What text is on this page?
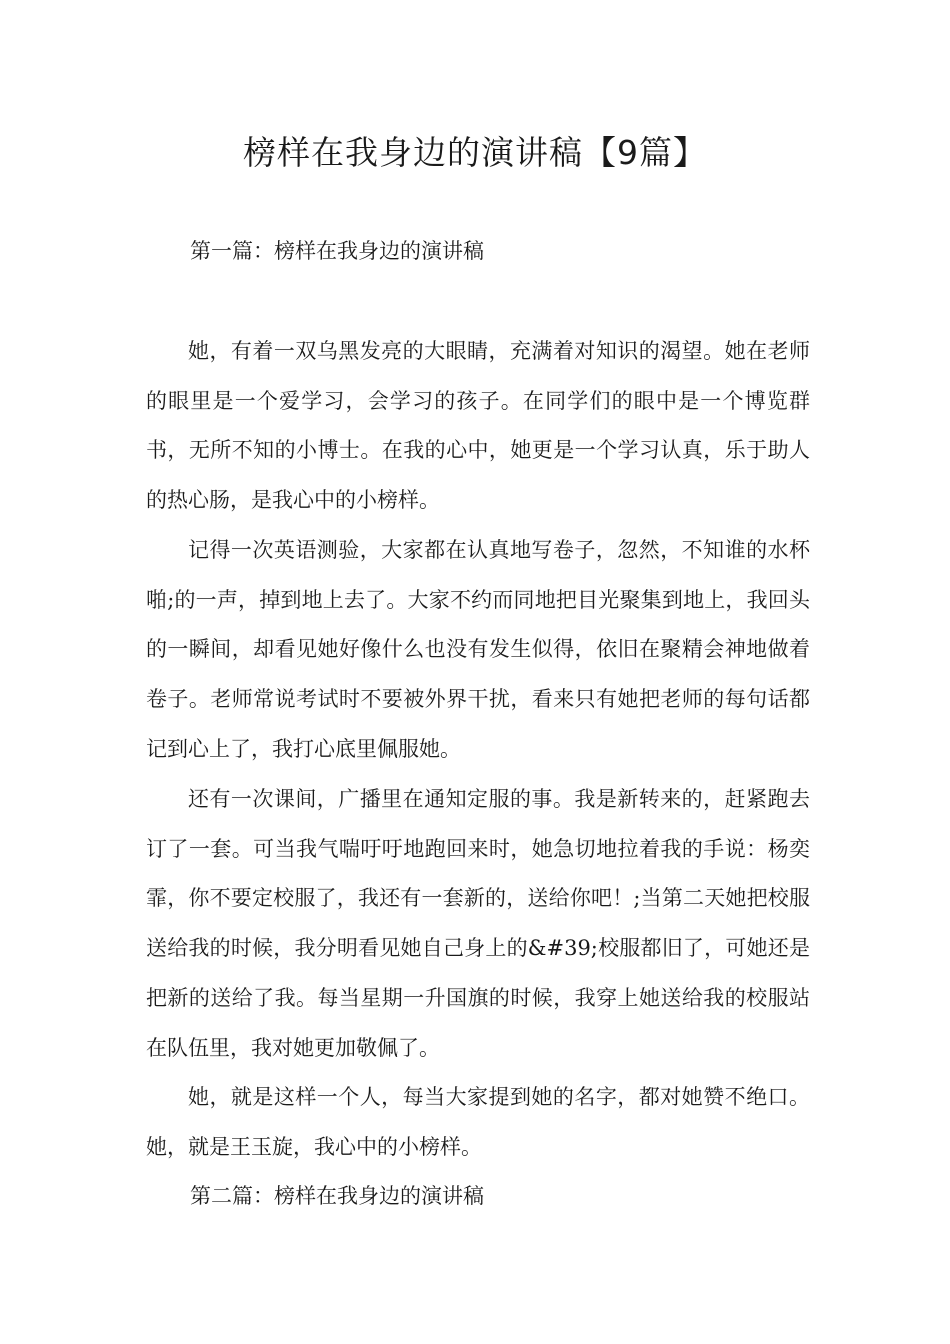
榜样在我身边的演讲稿【9篇】
第一篇：榜样在我身边的演讲稿

她，有着一双乌黑发亮的大眼睛，充满着对知识的渴望。她在老师的眼里是一个爱学习，会学习的孩子。在同学们的眼中是一个博览群书，无所不知的小博士。在我的心中，她更是一个学习认真，乐于助人的热心肠，是我心中的小榜样。

记得一次英语测验，大家都在认真地写卷子，忽然，不知谁的水杯啪;的一声，掉到地上去了。大家不约而同地把目光聚集到地上，我回头的一瞬间，却看见她好像什么也没有发生似得，依旧在聚精会神地做着卷子。老师常说考试时不要被外界干扰，看来只有她把老师的每句话都记到心上了，我打心底里佩服她。

还有一次课间，广播里在通知定服的事。我是新转来的，赶紧跑去订了一套。可当我气喘吁吁地跑回来时，她急切地拉着我的手说：杨奕霏，你不要定校服了，我还有一套新的，送给你吧！;当第二天她把校服送给我的时候，我分明看见她自己身上的&#39;校服都旧了，可她还是把新的送给了我。每当星期一升国旗的时候，我穿上她送给我的校服站在队伍里，我对她更加敬佩了。

她，就是这样一个人，每当大家提到她的名字，都对她赞不绝口。她，就是王玉旋，我心中的小榜样。

第二篇：榜样在我身边的演讲稿
